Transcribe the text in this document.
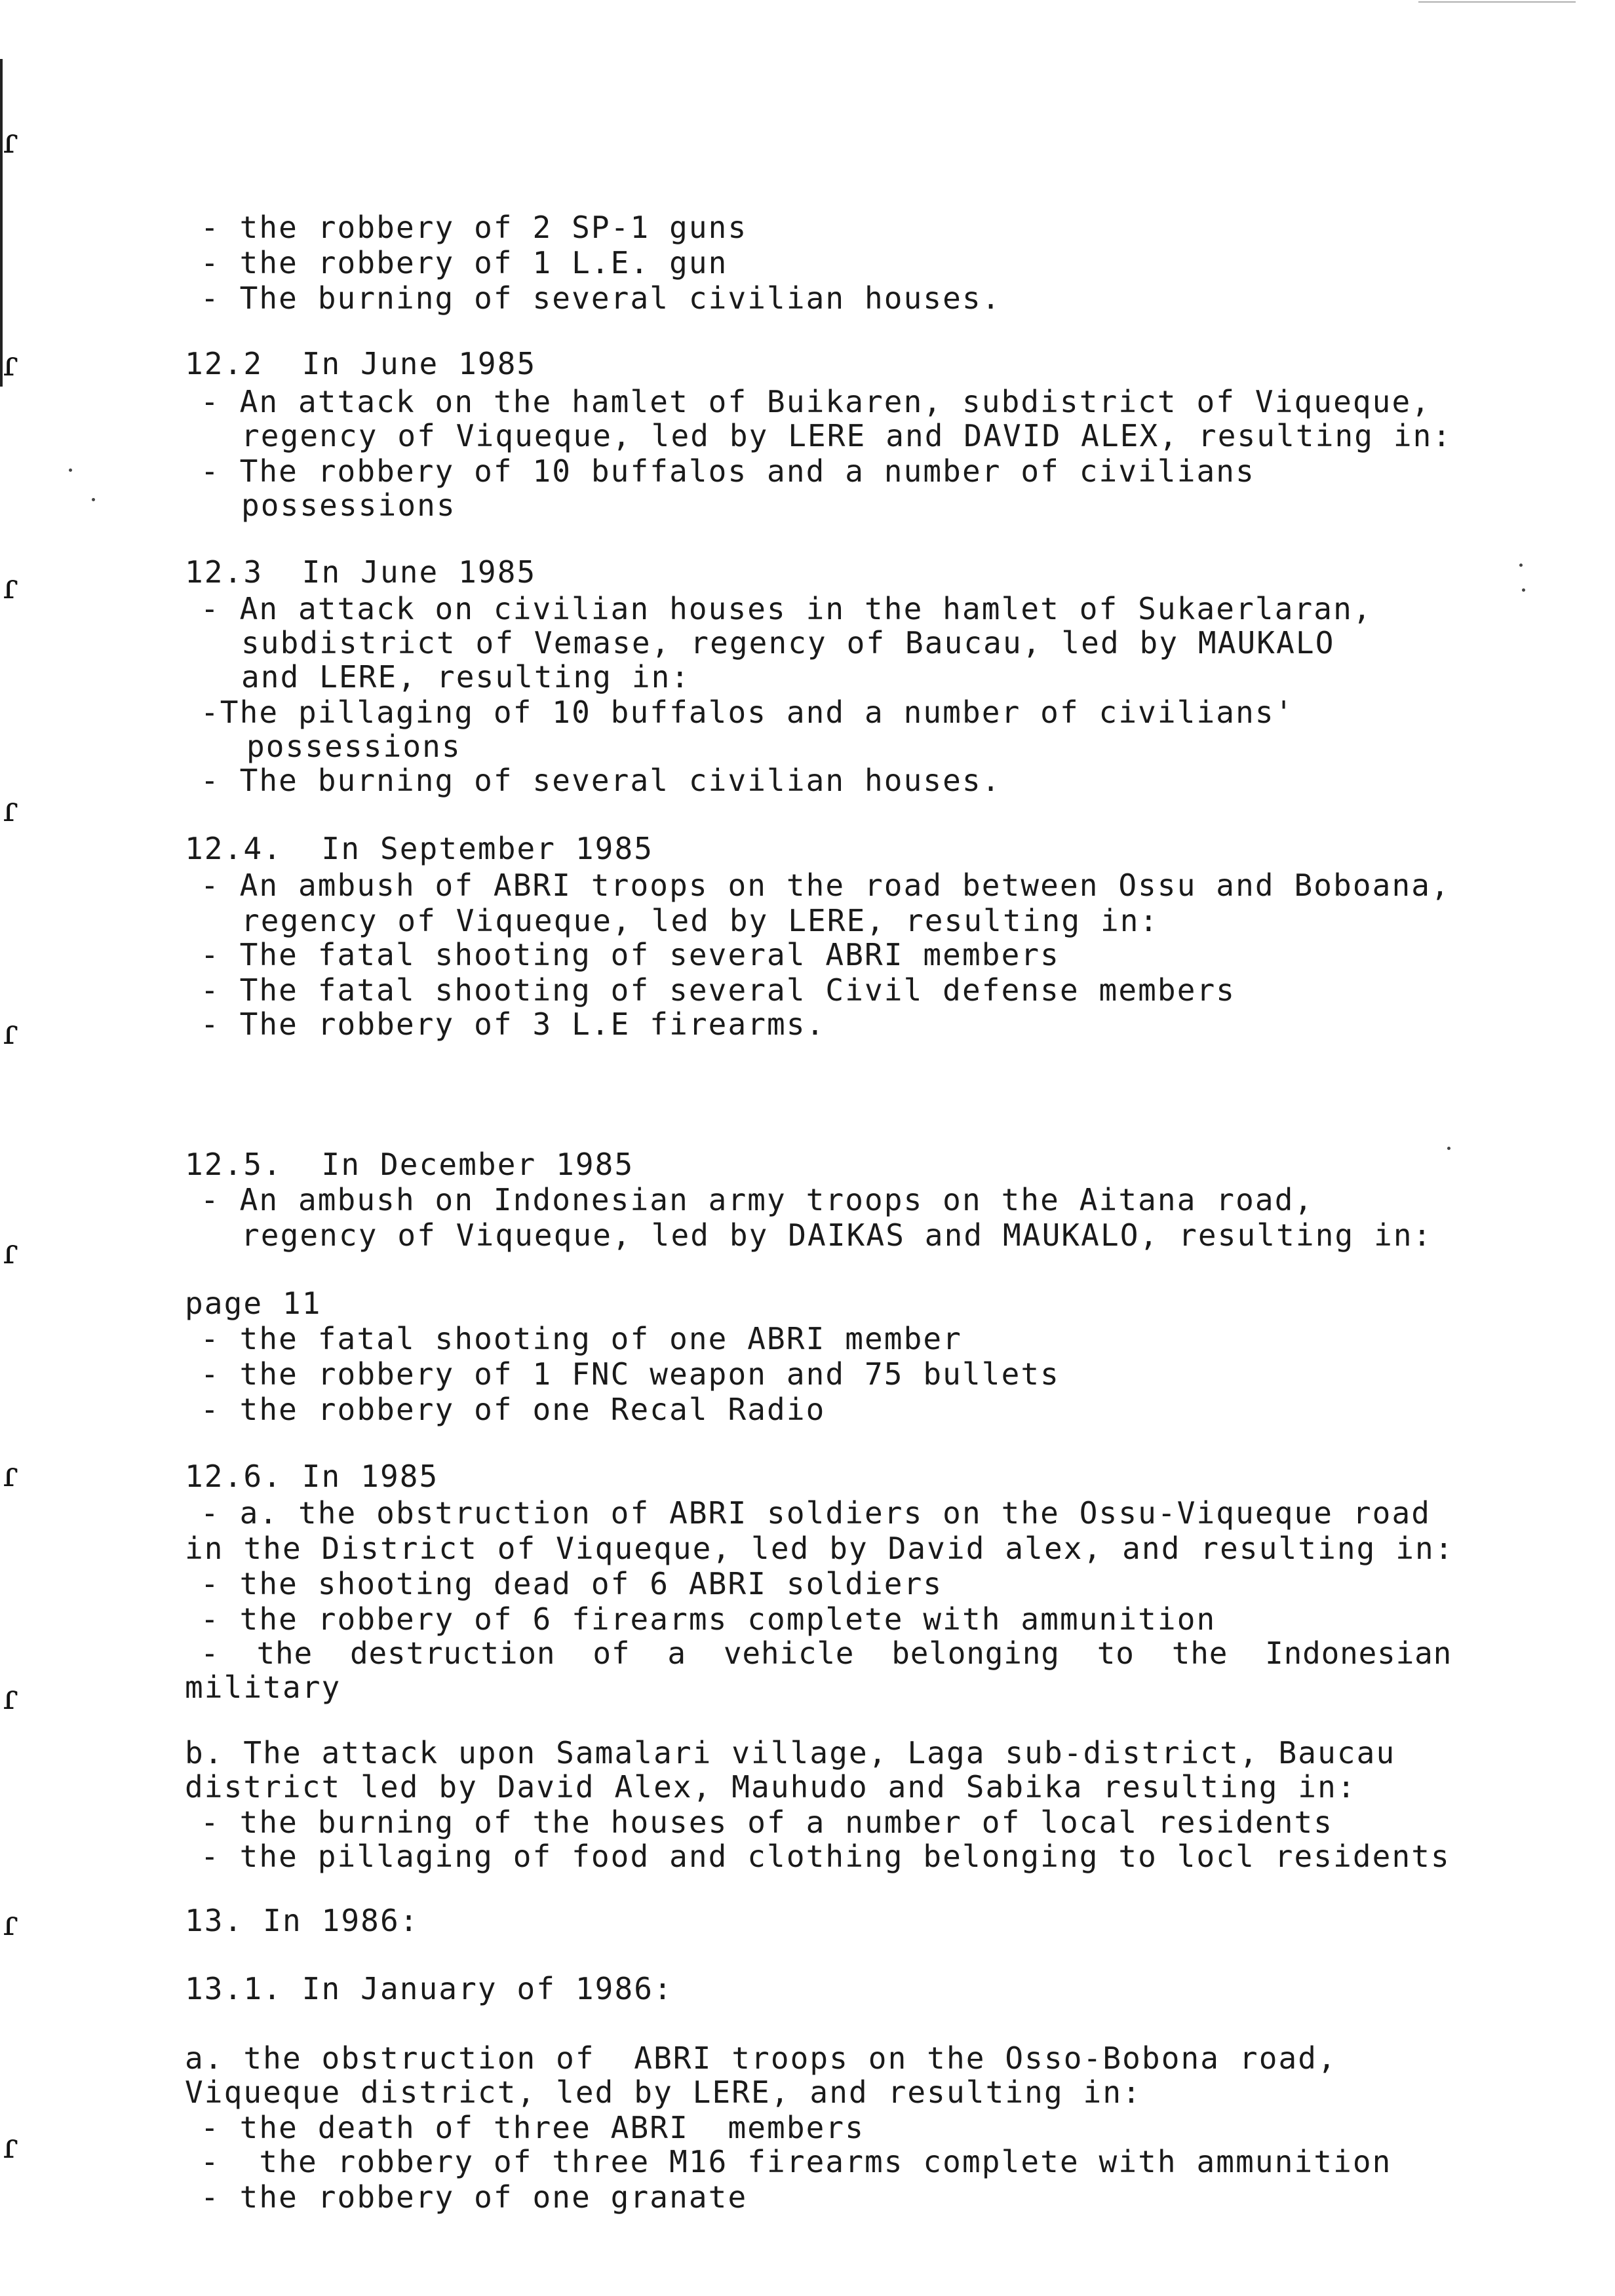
ɾ
ɾ
ɾ
ɾ
ɾ
ɾ
ɾ
ɾ
ɾ
ɾ
- the robbery of 2 SP-1 guns
- the robbery of 1 L.E. gun
- The burning of several civilian houses.
12.2  In June 1985
- An attack on the hamlet of Buikaren, subdistrict of Viqueque,
regency of Viqueque, led by LERE and DAVID ALEX, resulting in:
- The robbery of 10 buffalos and a number of civilians
possessions
12.3  In June 1985
- An attack on civilian houses in the hamlet of Sukaerlaran,
subdistrict of Vemase, regency of Baucau, led by MAUKALO
and LERE, resulting in:
-The pillaging of 10 buffalos and a number of civilians'
possessions
- The burning of several civilian houses.
12.4.  In September 1985
- An ambush of ABRI troops on the road between Ossu and Boboana,
regency of Viqueque, led by LERE, resulting in:
- The fatal shooting of several ABRI members
- The fatal shooting of several Civil defense members
- The robbery of 3 L.E firearms.
12.5.  In December 1985
- An ambush on Indonesian army troops on the Aitana road,
regency of Viqueque, led by DAIKAS and MAUKALO, resulting in:
page 11
- the fatal shooting of one ABRI member
- the robbery of 1 FNC weapon and 75 bullets
- the robbery of one Recal Radio
12.6. In 1985
- a. the obstruction of ABRI soldiers on the Ossu-Viqueque road
in the District of Viqueque, led by David alex, and resulting in:
- the shooting dead of 6 ABRI soldiers
- the robbery of 6 firearms complete with ammunition
-  the  destruction  of  a  vehicle  belonging  to  the  Indonesian
military
b. The attack upon Samalari village, Laga sub-district, Baucau
district led by David Alex, Mauhudo and Sabika resulting in:
- the burning of the houses of a number of local residents
- the pillaging of food and clothing belonging to locl residents
13. In 1986:
13.1. In January of 1986:
a. the obstruction of  ABRI troops on the Osso-Bobona road,
Viqueque district, led by LERE, and resulting in:
- the death of three ABRI  members
-  the robbery of three M16 firearms complete with ammunition
- the robbery of one granate
